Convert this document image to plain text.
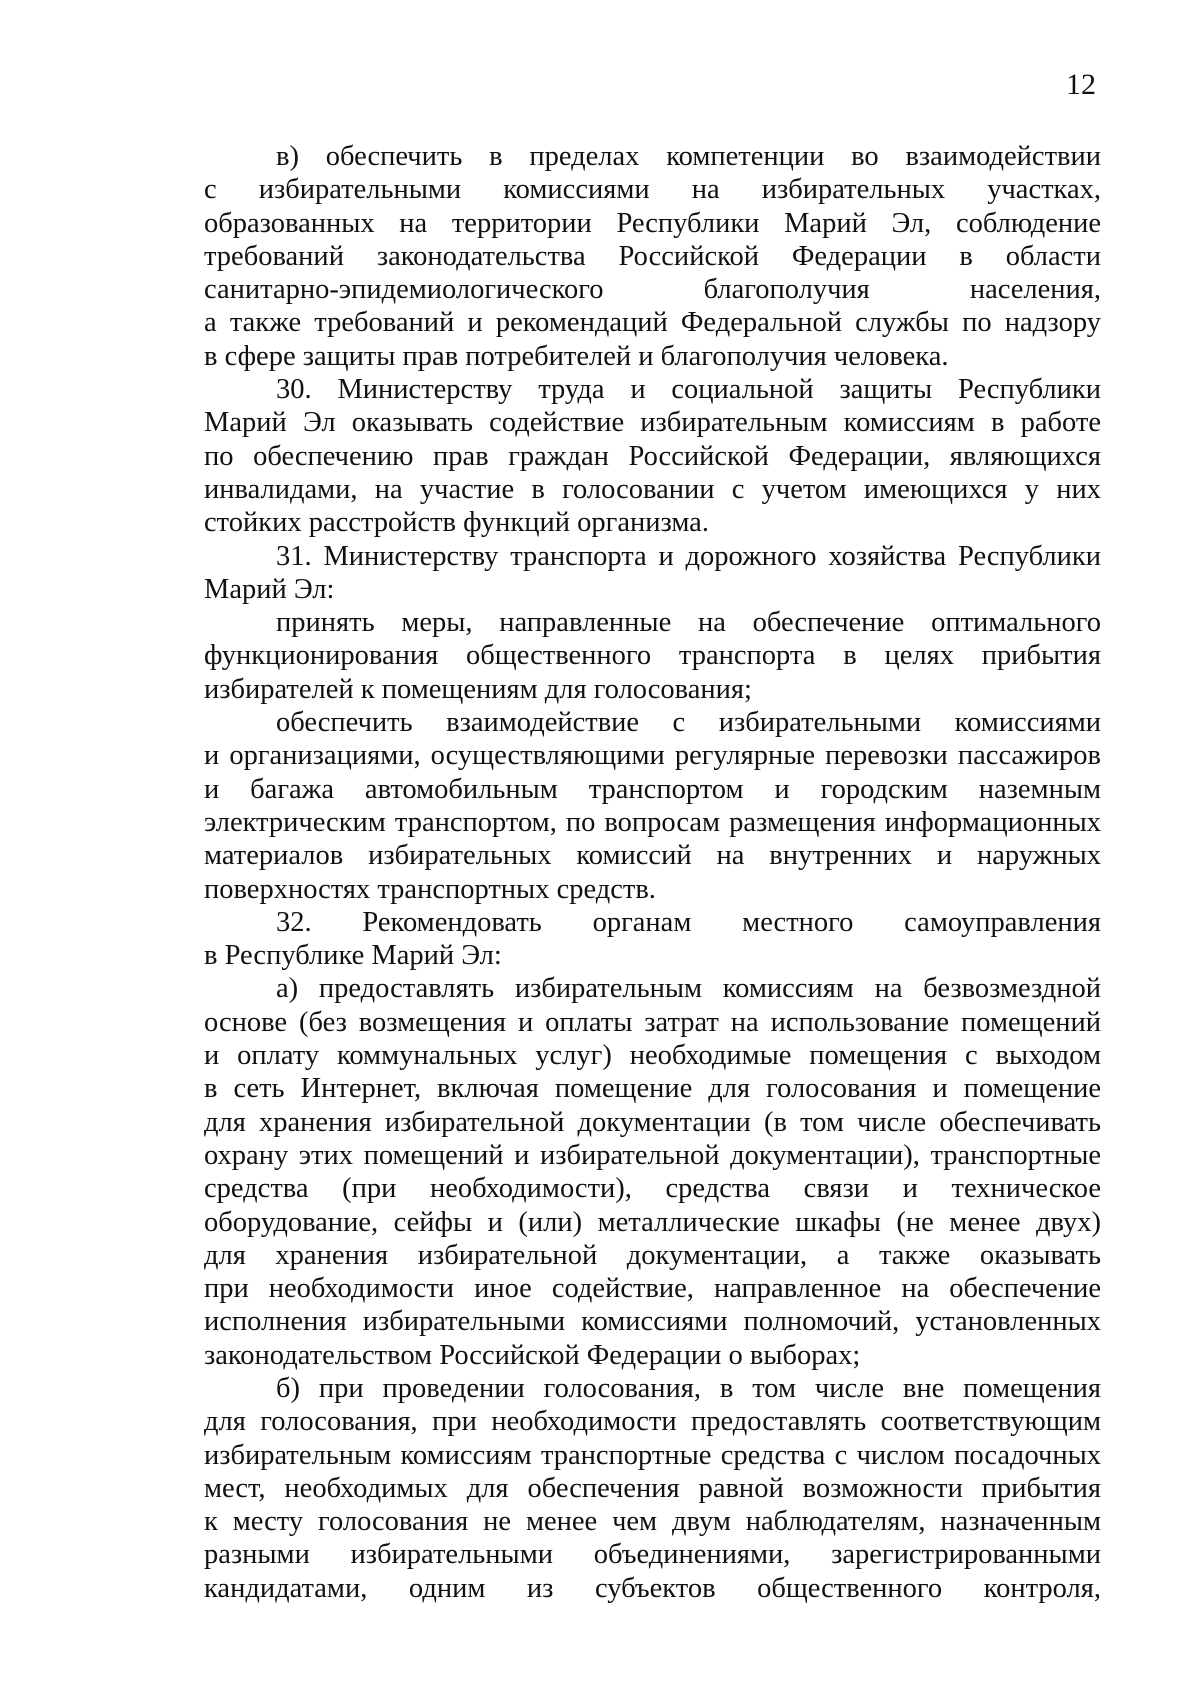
12
в) обеспечить в пределах компетенции во взаимодействии
с избирательными комиссиями на избирательных участках,
образованных на территории Республики Марий Эл, соблюдение
требований законодательства Российской Федерации в области
санитарно-эпидемиологического благополучия населения,
а также требований и рекомендаций Федеральной службы по надзору
в сфере защиты прав потребителей и благополучия человека.
30. Министерству труда и социальной защиты Республики
Марий Эл оказывать содействие избирательным комиссиям в работе
по обеспечению прав граждан Российской Федерации, являющихся
инвалидами, на участие в голосовании с учетом имеющихся у них
стойких расстройств функций организма.
31. Министерству транспорта и дорожного хозяйства Республики
Марий Эл:
принять меры, направленные на обеспечение оптимального
функционирования общественного транспорта в целях прибытия
избирателей к помещениям для голосования;
обеспечить взаимодействие с избирательными комиссиями
и организациями, осуществляющими регулярные перевозки пассажиров
и багажа автомобильным транспортом и городским наземным
электрическим транспортом, по вопросам размещения информационных
материалов избирательных комиссий на внутренних и наружных
поверхностях транспортных средств.
32. Рекомендовать органам местного самоуправления
в Республике Марий Эл:
а) предоставлять избирательным комиссиям на безвозмездной
основе (без возмещения и оплаты затрат на использование помещений
и оплату коммунальных услуг) необходимые помещения с выходом
в сеть Интернет, включая помещение для голосования и помещение
для хранения избирательной документации (в том числе обеспечивать
охрану этих помещений и избирательной документации), транспортные
средства (при необходимости), средства связи и техническое
оборудование, сейфы и (или) металлические шкафы (не менее двух)
для хранения избирательной документации, а также оказывать
при необходимости иное содействие, направленное на обеспечение
исполнения избирательными комиссиями полномочий, установленных
законодательством Российской Федерации о выборах;
б) при проведении голосования, в том числе вне помещения
для голосования, при необходимости предоставлять соответствующим
избирательным комиссиям транспортные средства с числом посадочных
мест, необходимых для обеспечения равной возможности прибытия
к месту голосования не менее чем двум наблюдателям, назначенным
разными избирательными объединениями, зарегистрированными
кандидатами, одним из субъектов общественного контроля,
